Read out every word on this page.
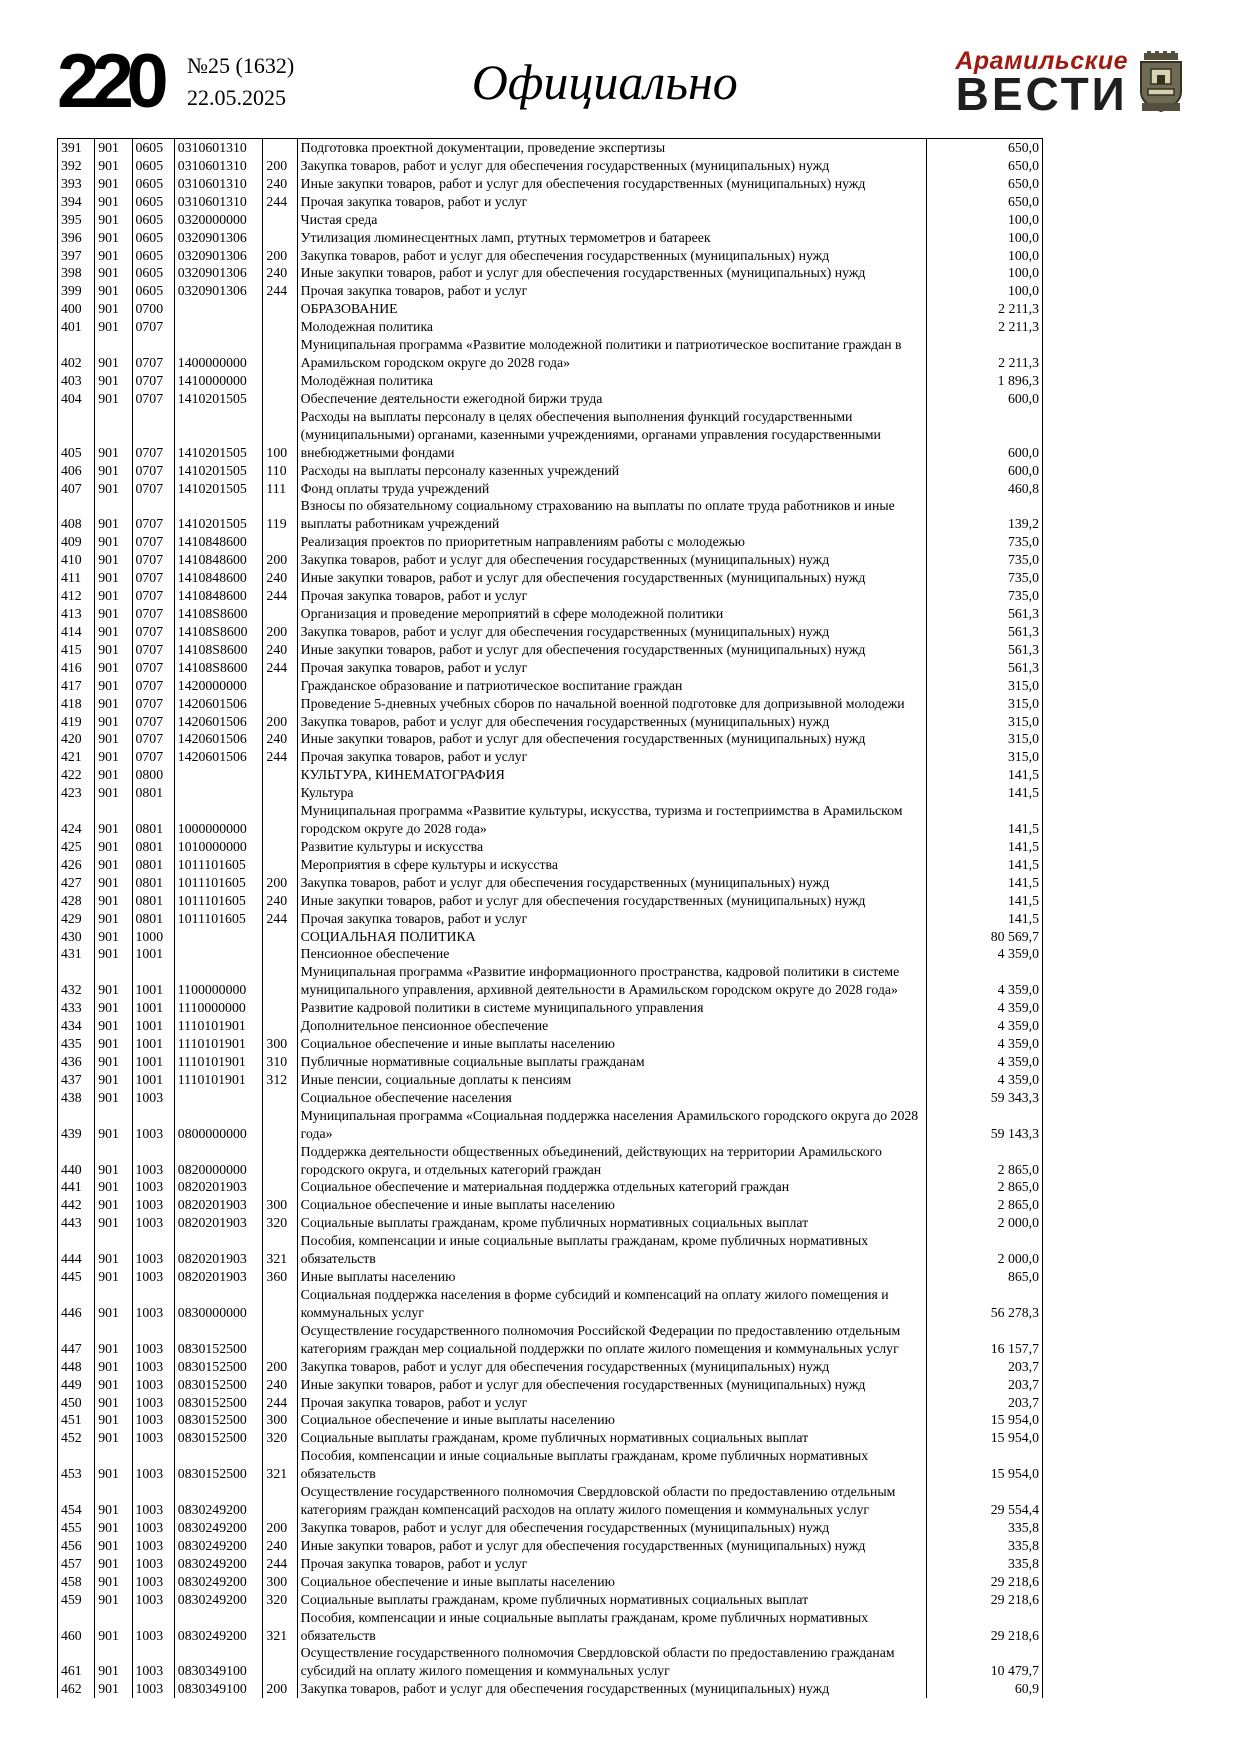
220	№25 (1632)
22.05.2025	Официально	Арамильские
ВЕСТИ
391	901	0605	0310601310		Подготовка проектной документации, проведение экспертизы	650,0
392	901	0605	0310601310	200	Закупка товаров, работ и услуг для обеспечения государственных (муниципальных) нужд	650,0
393	901	0605	0310601310	240	Иные закупки товаров, работ и услуг для обеспечения государственных (муниципальных) нужд	650,0
394	901	0605	0310601310	244	Прочая закупка товаров, работ и услуг	650,0
395	901	0605	0320000000		Чистая среда	100,0
396	901	0605	0320901306		Утилизация люминесцентных ламп, ртутных термометров и батареек	100,0
397	901	0605	0320901306	200	Закупка товаров, работ и услуг для обеспечения государственных (муниципальных) нужд	100,0
398	901	0605	0320901306	240	Иные закупки товаров, работ и услуг для обеспечения государственных (муниципальных) нужд	100,0
399	901	0605	0320901306	244	Прочая закупка товаров, работ и услуг	100,0
400	901	0700			ОБРАЗОВАНИЕ	2 211,3
401	901	0707			Молодежная политика	2 211,3
402	901	0707	1400000000		Муниципальная программа «Развитие молодежной политики и патриотическое воспитание граждан в Арамильском городском округе до 2028 года»	2 211,3
403	901	0707	1410000000		Молодёжная политика	1 896,3
404	901	0707	1410201505		Обеспечение деятельности ежегодной биржи труда	600,0
405	901	0707	1410201505	100	Расходы на выплаты персоналу в целях обеспечения выполнения функций государственными (муниципальными) органами, казенными учреждениями, органами управления государственными внебюджетными фондами	600,0
406	901	0707	1410201505	110	Расходы на выплаты персоналу казенных учреждений	600,0
407	901	0707	1410201505	111	Фонд оплаты труда учреждений	460,8
408	901	0707	1410201505	119	Взносы по обязательному социальному страхованию на выплаты по оплате труда работников и иные выплаты работникам учреждений	139,2
409	901	0707	1410848600		Реализация проектов по приоритетным направлениям работы с молодежью	735,0
410	901	0707	1410848600	200	Закупка товаров, работ и услуг для обеспечения государственных (муниципальных) нужд	735,0
411	901	0707	1410848600	240	Иные закупки товаров, работ и услуг для обеспечения государственных (муниципальных) нужд	735,0
412	901	0707	1410848600	244	Прочая закупка товаров, работ и услуг	735,0
413	901	0707	14108S8600		Организация и проведение мероприятий в сфере молодежной политики	561,3
414	901	0707	14108S8600	200	Закупка товаров, работ и услуг для обеспечения государственных (муниципальных) нужд	561,3
415	901	0707	14108S8600	240	Иные закупки товаров, работ и услуг для обеспечения государственных (муниципальных) нужд	561,3
416	901	0707	14108S8600	244	Прочая закупка товаров, работ и услуг	561,3
417	901	0707	1420000000		Гражданское образование и патриотическое воспитание граждан	315,0
418	901	0707	1420601506		Проведение 5-дневных учебных сборов по начальной военной подготовке для допризывной молодежи	315,0
419	901	0707	1420601506	200	Закупка товаров, работ и услуг для обеспечения государственных (муниципальных) нужд	315,0
420	901	0707	1420601506	240	Иные закупки товаров, работ и услуг для обеспечения государственных (муниципальных) нужд	315,0
421	901	0707	1420601506	244	Прочая закупка товаров, работ и услуг	315,0
422	901	0800			КУЛЬТУРА, КИНЕМАТОГРАФИЯ	141,5
423	901	0801			Культура	141,5
424	901	0801	1000000000		Муниципальная программа «Развитие культуры, искусства, туризма и гостеприимства в Арамильском городском округе до 2028 года»	141,5
425	901	0801	1010000000		Развитие культуры и искусства	141,5
426	901	0801	1011101605		Мероприятия в сфере культуры и искусства	141,5
427	901	0801	1011101605	200	Закупка товаров, работ и услуг для обеспечения государственных (муниципальных) нужд	141,5
428	901	0801	1011101605	240	Иные закупки товаров, работ и услуг для обеспечения государственных (муниципальных) нужд	141,5
429	901	0801	1011101605	244	Прочая закупка товаров, работ и услуг	141,5
430	901	1000			СОЦИАЛЬНАЯ ПОЛИТИКА	80 569,7
431	901	1001			Пенсионное обеспечение	4 359,0
432	901	1001	1100000000		Муниципальная программа «Развитие информационного пространства, кадровой политики в системе муниципального управления, архивной деятельности в Арамильском городском округе до 2028 года»	4 359,0
433	901	1001	1110000000		Развитие кадровой политики в системе муниципального управления	4 359,0
434	901	1001	1110101901		Дополнительное пенсионное обеспечение	4 359,0
435	901	1001	1110101901	300	Социальное обеспечение и иные выплаты населению	4 359,0
436	901	1001	1110101901	310	Публичные нормативные социальные выплаты гражданам	4 359,0
437	901	1001	1110101901	312	Иные пенсии, социальные доплаты к пенсиям	4 359,0
438	901	1003			Социальное обеспечение населения	59 343,3
439	901	1003	0800000000		Муниципальная программа «Социальная поддержка населения Арамильского городского округа до 2028 года»	59 143,3
440	901	1003	0820000000		Поддержка деятельности общественных объединений, действующих на территории Арамильского городского округа, и отдельных категорий граждан	2 865,0
441	901	1003	0820201903		Социальное обеспечение и материальная поддержка отдельных категорий граждан	2 865,0
442	901	1003	0820201903	300	Социальное обеспечение и иные выплаты населению	2 865,0
443	901	1003	0820201903	320	Социальные выплаты гражданам, кроме публичных нормативных социальных выплат	2 000,0
444	901	1003	0820201903	321	Пособия, компенсации и иные социальные выплаты гражданам, кроме публичных нормативных обязательств	2 000,0
445	901	1003	0820201903	360	Иные выплаты населению	865,0
446	901	1003	0830000000		Социальная поддержка населения в форме субсидий и компенсаций на оплату жилого помещения и коммунальных услуг	56 278,3
447	901	1003	0830152500		Осуществление государственного полномочия Российской Федерации по предоставлению отдельным категориям граждан мер социальной поддержки по оплате жилого помещения и коммунальных услуг	16 157,7
448	901	1003	0830152500	200	Закупка товаров, работ и услуг для обеспечения государственных (муниципальных) нужд	203,7
449	901	1003	0830152500	240	Иные закупки товаров, работ и услуг для обеспечения государственных (муниципальных) нужд	203,7
450	901	1003	0830152500	244	Прочая закупка товаров, работ и услуг	203,7
451	901	1003	0830152500	300	Социальное обеспечение и иные выплаты населению	15 954,0
452	901	1003	0830152500	320	Социальные выплаты гражданам, кроме публичных нормативных социальных выплат	15 954,0
453	901	1003	0830152500	321	Пособия, компенсации и иные социальные выплаты гражданам, кроме публичных нормативных обязательств	15 954,0
454	901	1003	0830249200		Осуществление государственного полномочия Свердловской области по предоставлению отдельным категориям граждан компенсаций расходов на оплату жилого помещения и коммунальных услуг	29 554,4
455	901	1003	0830249200	200	Закупка товаров, работ и услуг для обеспечения государственных (муниципальных) нужд	335,8
456	901	1003	0830249200	240	Иные закупки товаров, работ и услуг для обеспечения государственных (муниципальных) нужд	335,8
457	901	1003	0830249200	244	Прочая закупка товаров, работ и услуг	335,8
458	901	1003	0830249200	300	Социальное обеспечение и иные выплаты населению	29 218,6
459	901	1003	0830249200	320	Социальные выплаты гражданам, кроме публичных нормативных социальных выплат	29 218,6
460	901	1003	0830249200	321	Пособия, компенсации и иные социальные выплаты гражданам, кроме публичных нормативных обязательств	29 218,6
461	901	1003	0830349100		Осуществление государственного полномочия Свердловской области по предоставлению гражданам субсидий на оплату жилого помещения и коммунальных услуг	10 479,7
462	901	1003	0830349100	200	Закупка товаров, работ и услуг для обеспечения государственных (муниципальных) нужд	60,9
